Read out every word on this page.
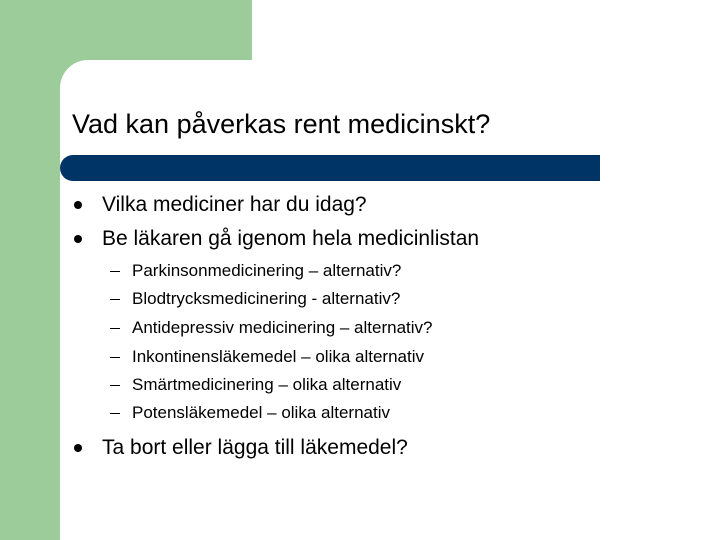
Vad kan påverkas rent medicinskt?
Vilka mediciner har du idag?
Be läkaren gå igenom hela medicinlistan
Parkinsonmedicinering – alternativ?
Blodtrycksmedicinering - alternativ?
Antidepressiv medicinering – alternativ?
Inkontinensläkemedel – olika alternativ
Smärtmedicinering – olika alternativ
Potensläkemedel – olika alternativ
Ta bort eller lägga till läkemedel?
